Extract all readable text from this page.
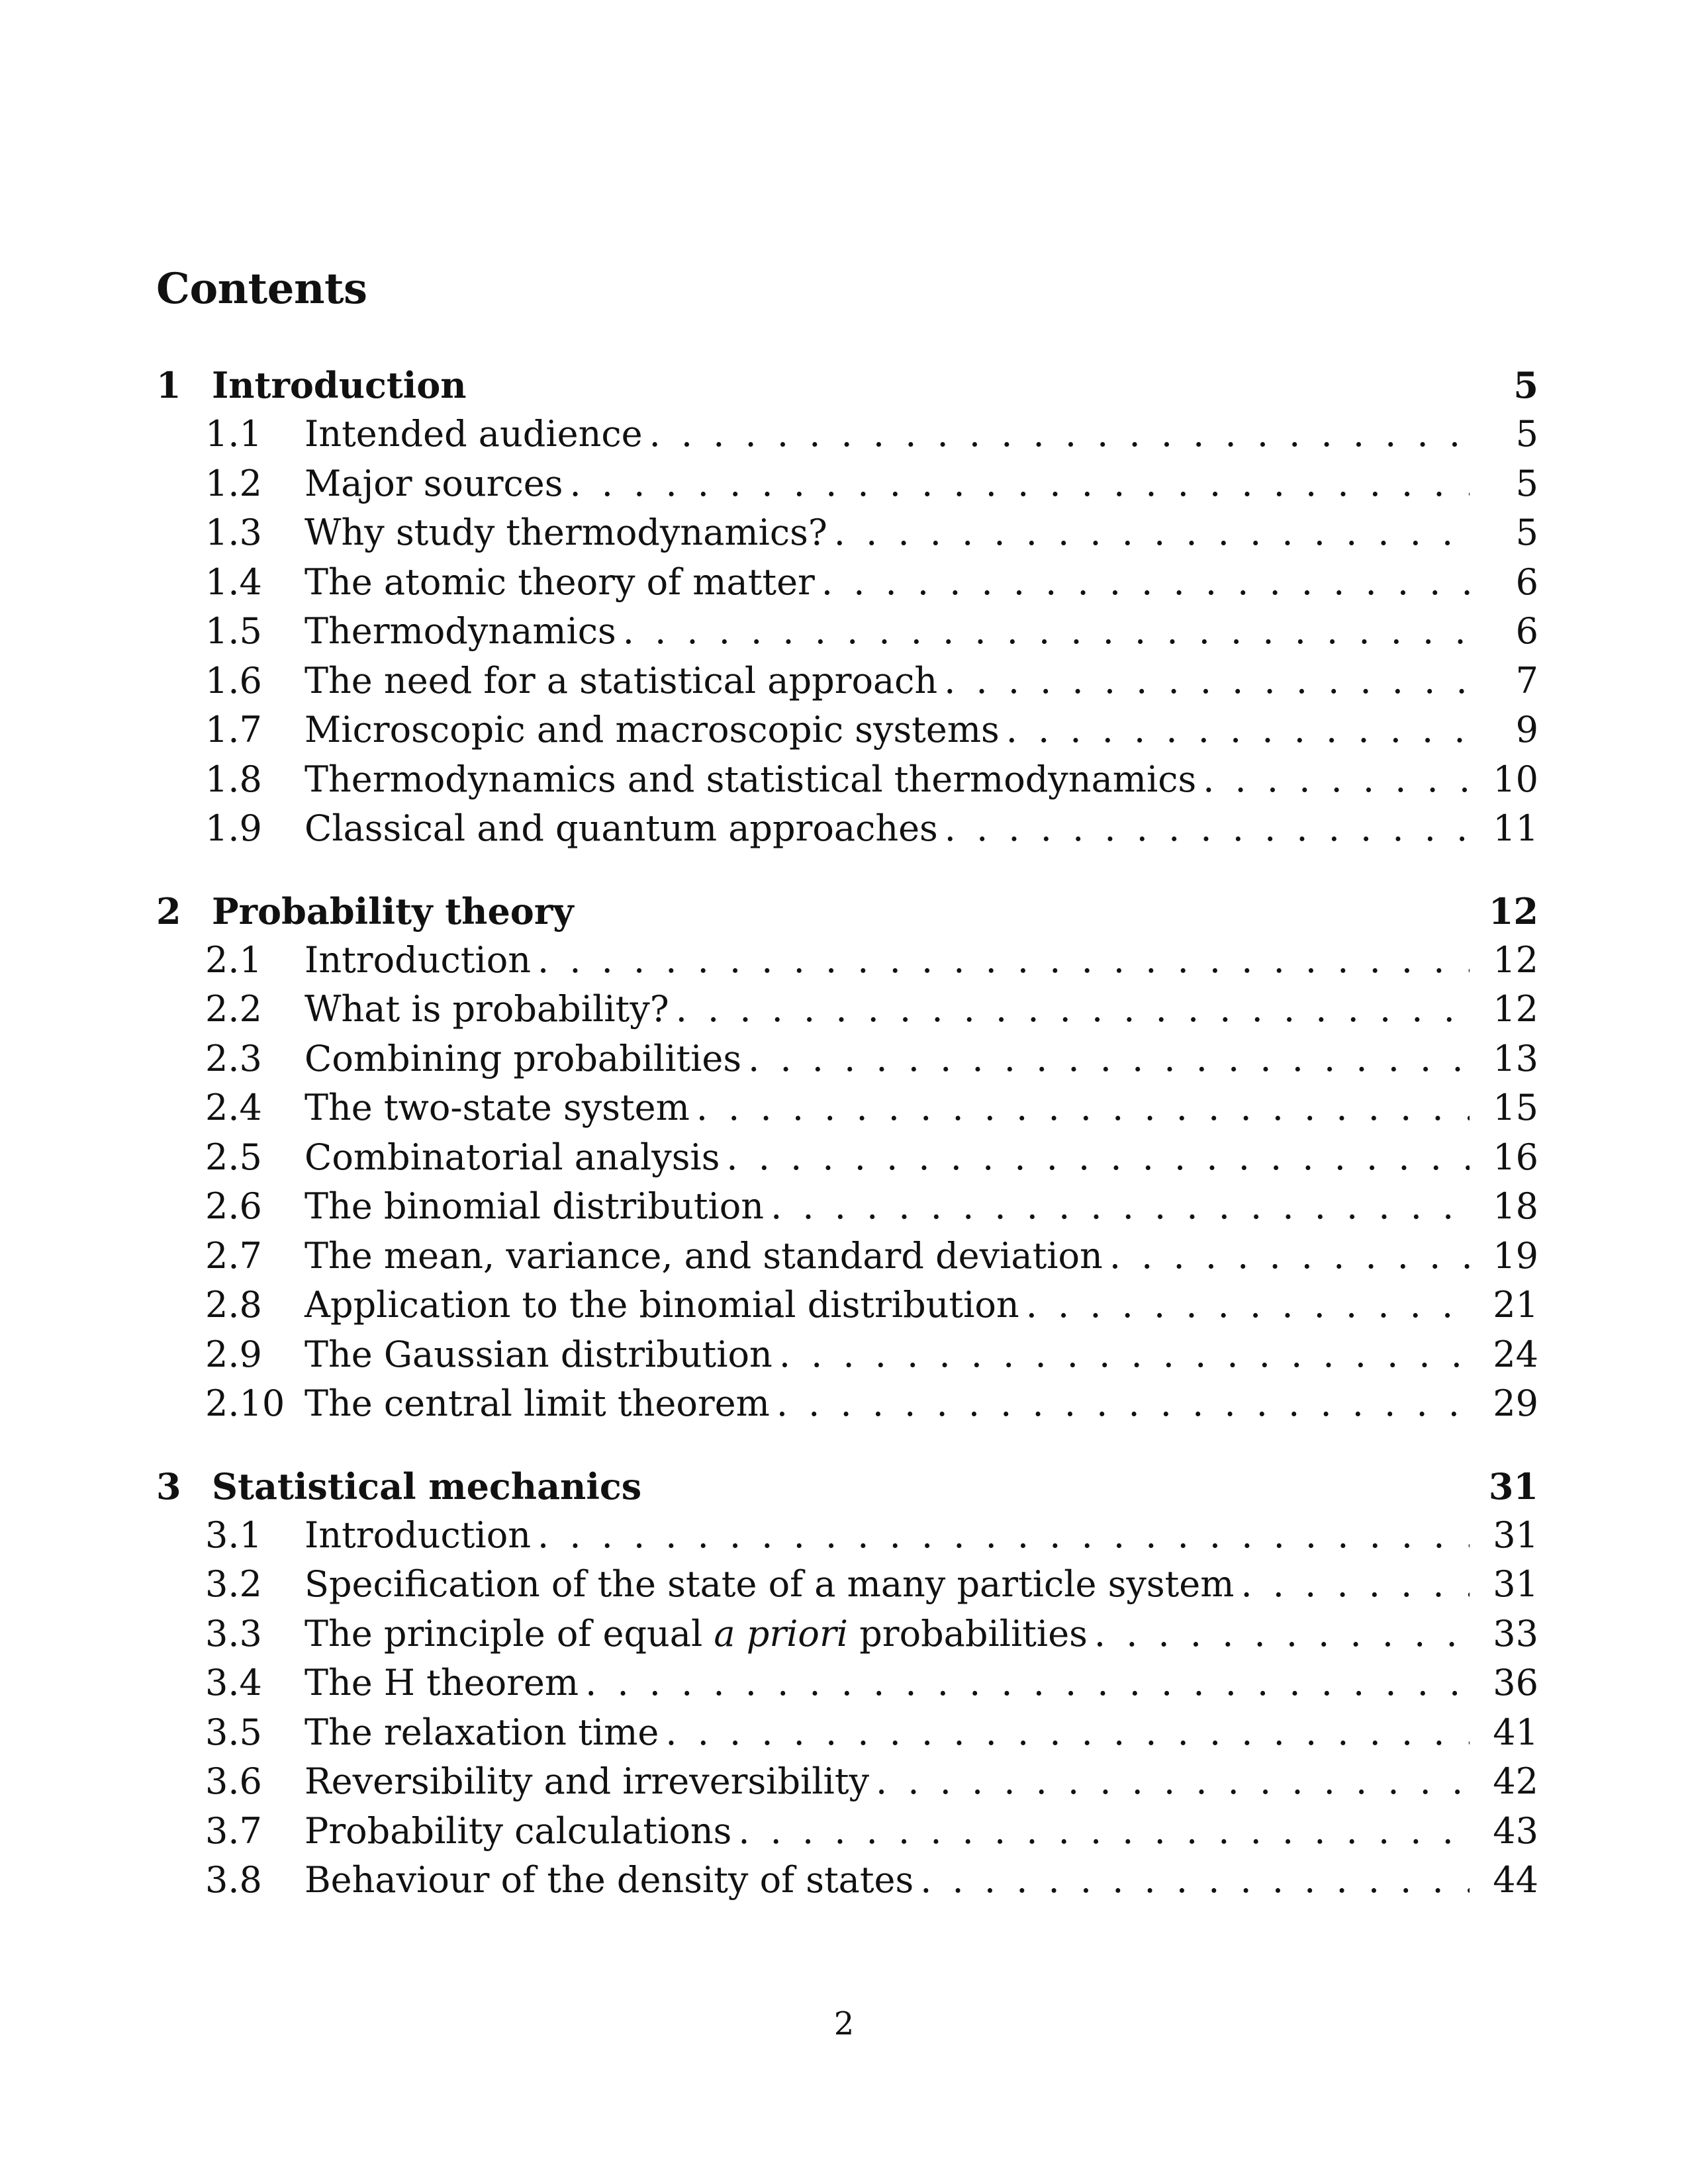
Contents
1 Introduction	5
1.1	Intended audience . . .	5
1.2	Major sources . . .	5
1.3	Why study thermodynamics? . . .	5
1.4	The atomic theory of matter . . .	6
1.5	Thermodynamics . . .	6
1.6	The need for a statistical approach . . .	7
1.7	Microscopic and macroscopic systems . . .	9
1.8	Thermodynamics and statistical thermodynamics . . .	10
1.9	Classical and quantum approaches . . .	11
2 Probability theory	12
2.1	Introduction . . .	12
2.2	What is probability? . . .	12
2.3	Combining probabilities . . .	13
2.4	The two-state system . . .	15
2.5	Combinatorial analysis . . .	16
2.6	The binomial distribution . . .	18
2.7	The mean, variance, and standard deviation . . .	19
2.8	Application to the binomial distribution . . .	21
2.9	The Gaussian distribution . . .	24
2.10 The central limit theorem . . .	29
3 Statistical mechanics	31
3.1	Introduction . . .	31
3.2	Specification of the state of a many particle system . . .	31
3.3	The principle of equal a priori probabilities . . .	33
3.4	The H theorem . . .	36
3.5	The relaxation time . . .	41
3.6	Reversibility and irreversibility . . .	42
3.7	Probability calculations . . .	43
3.8	Behaviour of the density of states . . .	44
2
